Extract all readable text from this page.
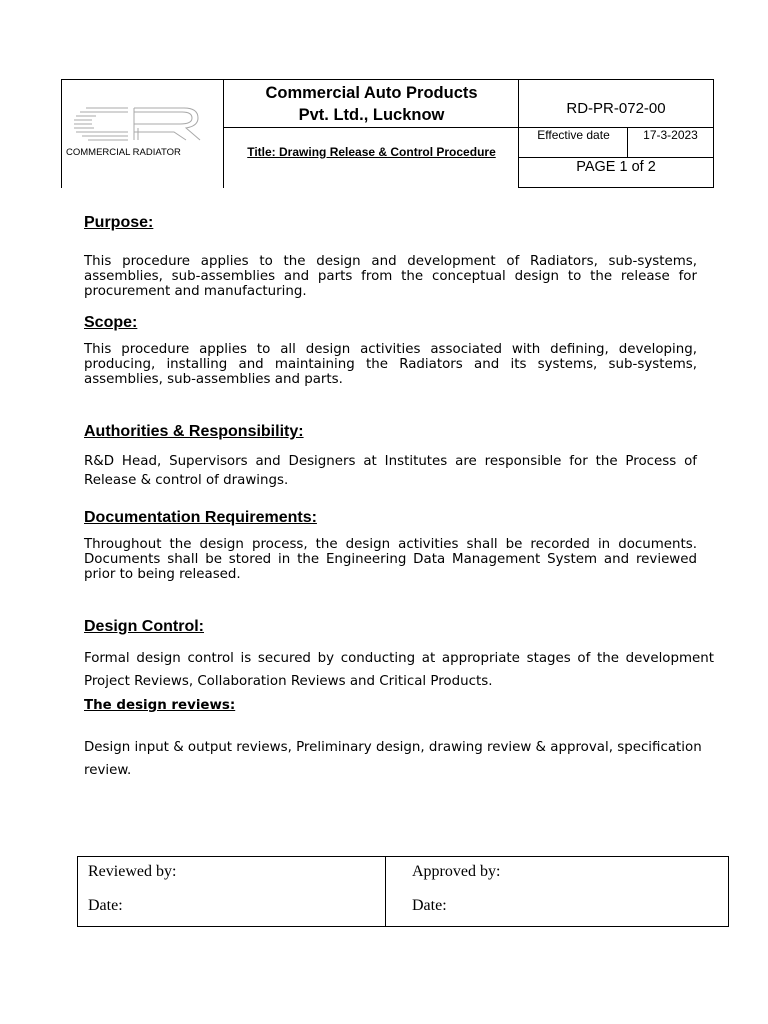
COMMERCIAL RADIATOR
Commercial Auto Products
Pvt. Ltd., Lucknow
Title: Drawing Release & Control Procedure
RD-PR-072-00
Effective date	17-3-2023
PAGE 1 of 2
Purpose:
This procedure applies to the design and development of Radiators, sub-systems, assemblies, sub-assemblies and parts from the conceptual design to the release for procurement and manufacturing.
Scope:
This procedure applies to all design activities associated with defining, developing, producing, installing and maintaining the Radiators and its systems, sub-systems, assemblies, sub-assemblies and parts.
Authorities & Responsibility:
R&D Head, Supervisors and Designers at Institutes are responsible for the Process of Release & control of drawings.
Documentation Requirements:
Throughout the design process, the design activities shall be recorded in documents. Documents shall be stored in the Engineering Data Management System and reviewed prior to being released.
Design Control:
Formal design control is secured by conducting at appropriate stages of the development Project Reviews, Collaboration Reviews and Critical Products.
The design reviews:
Design input & output reviews, Preliminary design, drawing review & approval, specification review.
Reviewed by:
Date:
Approved by:
Date:
